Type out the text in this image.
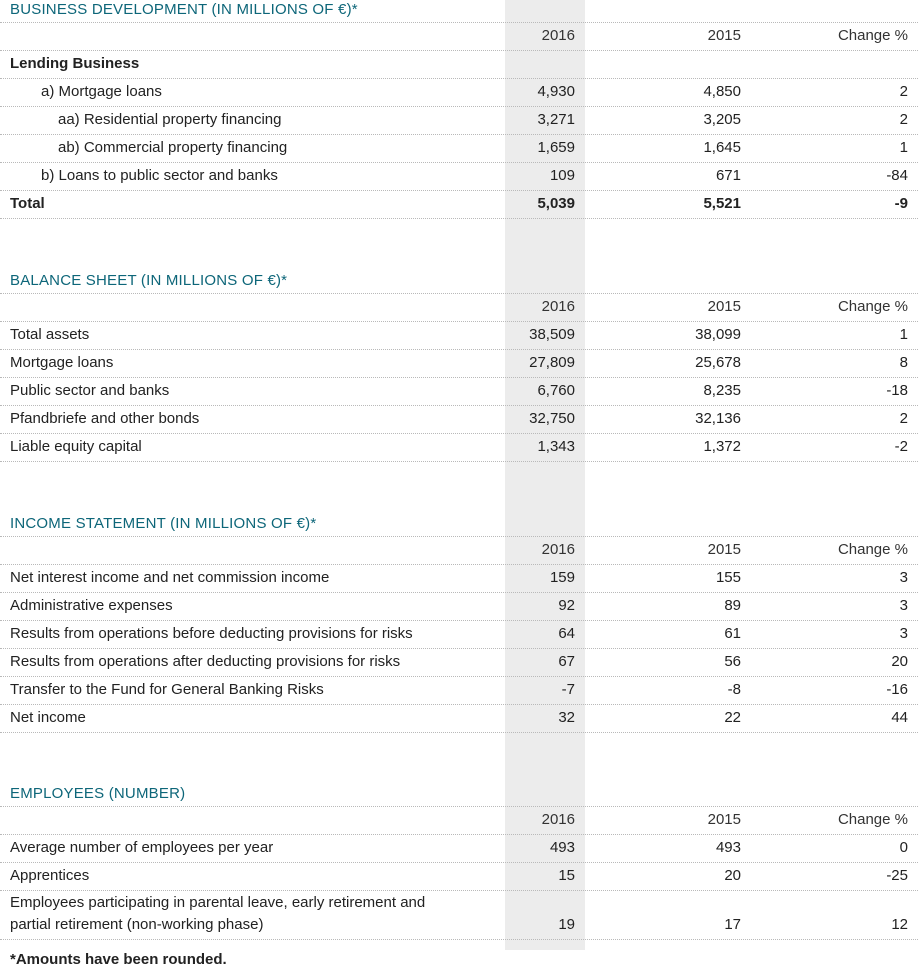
BUSINESS DEVELOPMENT (IN MILLIONS OF €)*
2016	2015	Change %
Lending Business
a) Mortgage loans	4,930	4,850	2
aa) Residential property financing	3,271	3,205	2
ab) Commercial property financing	1,659	1,645	1
b) Loans to public sector and banks	109	671	-84
Total	5,039	5,521	-9
BALANCE SHEET (IN MILLIONS OF €)*
2016	2015	Change %
Total assets	38,509	38,099	1
Mortgage loans	27,809	25,678	8
Public sector and banks	6,760	8,235	-18
Pfandbriefe and other bonds	32,750	32,136	2
Liable equity capital	1,343	1,372	-2
INCOME STATEMENT (IN MILLIONS OF €)*
2016	2015	Change %
Net interest income and net commission income	159	155	3
Administrative expenses	92	89	3
Results from operations before deducting provisions for risks	64	61	3
Results from operations after deducting provisions for risks	67	56	20
Transfer to the Fund for General Banking Risks	-7	-8	-16
Net income	32	22	44
EMPLOYEES (NUMBER)
2016	2015	Change %
Average number of employees per year	493	493	0
Apprentices	15	20	-25
Employees participating in parental leave, early retirement and partial retirement (non-working phase)	19	17	12
*Amounts have been rounded.
